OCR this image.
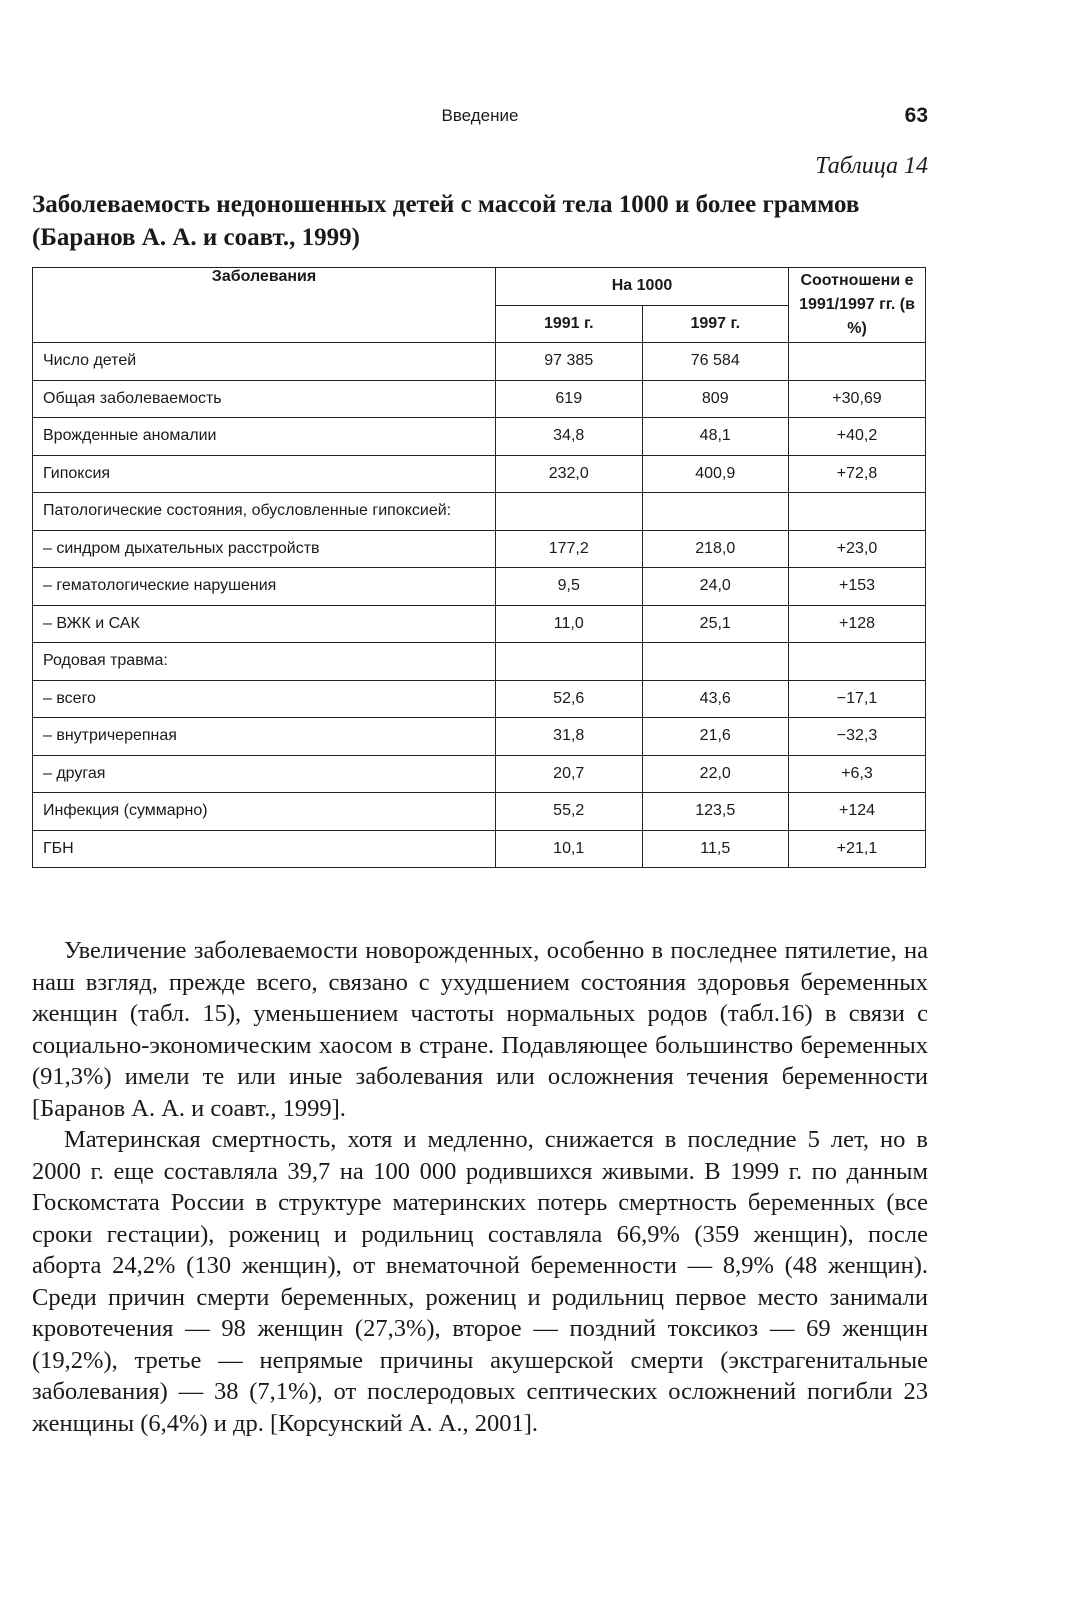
Введение	63
Таблица 14
Заболеваемость недоношенных детей с массой тела 1000 и более граммов (Баранов А. А. и соавт., 1999)
Заболевания	На 1000		Соотношени е 1991/1997 гг. (в %)
	1991 г.	1997 г.	
Число детей	97 385	76 584	
Общая заболеваемость	619	809	+30,69
Врожденные аномалии	34,8	48,1	+40,2
Гипоксия	232,0	400,9	+72,8
Патологические состояния, обусловленные гипоксией:			
– синдром дыхательных расстройств	177,2	218,0	+23,0
– гематологические нарушения	9,5	24,0	+153
– ВЖК и САК	11,0	25,1	+128
Родовая травма:			
– всего	52,6	43,6	−17,1
– внутричерепная	31,8	21,6	−32,3
– другая	20,7	22,0	+6,3
Инфекция (суммарно)	55,2	123,5	+124
ГБН	10,1	11,5	+21,1

Увеличение заболеваемости новорожденных, особенно в последнее пятилетие, на наш взгляд, прежде всего, связано с ухудшением состояния здоровья беременных женщин (табл. 15), уменьшением частоты нормальных родов (табл.16) в связи с социально-экономическим хаосом в стране. Подавляющее большинство беременных (91,3%) имели те или иные заболевания или осложнения течения беременности [Баранов А. А. и соавт., 1999].

Материнская смертность, хотя и медленно, снижается в последние 5 лет, но в 2000 г. еще составляла 39,7 на 100 000 родившихся живыми. В 1999 г. по данным Госкомстата России в структуре материнских потерь смертность беременных (все сроки гестации), рожениц и родильниц составляла 66,9% (359 женщин), после аборта 24,2% (130 женщин), от внематочной беременности — 8,9% (48 женщин). Среди причин смерти беременных, рожениц и родильниц первое место занимали кровотечения — 98 женщин (27,3%), второе — поздний токсикоз — 69 женщин (19,2%), третье — непрямые причины акушерской смерти (экстрагенитальные заболевания) — 38 (7,1%), от послеродовых септических осложнений погибли 23 женщины (6,4%) и др. [Корсунский А. А., 2001].
